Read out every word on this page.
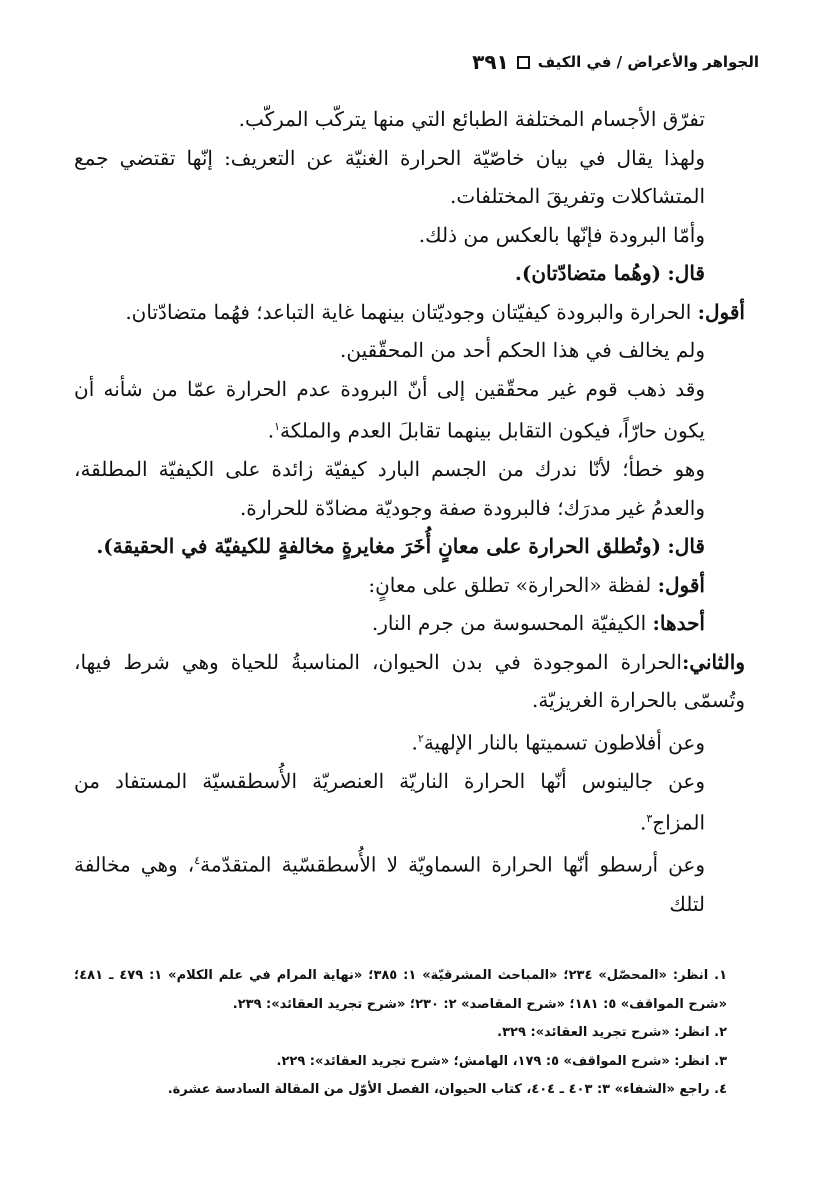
الجواهر والأعراض / في الكيف
٣٩١

تفرّق الأجسام المختلفة الطبائع التي منها يتركّب المركّب.

ولهذا يقال في بيان خاصّيّة الحرارة الغنيّة عن التعريف: إنّها تقتضي جمع المتشاكلات وتفريقَ المختلفات.

وأمّا البرودة فإنّها بالعكس من ذلك.

قال: (وهُما متضادّتان).

أقول: الحرارة والبرودة كيفيّتان وجوديّتان بينهما غاية التباعد؛ فهُما متضادّتان.

ولم يخالف في هذا الحكم أحد من المحقّقين.

وقد ذهب قوم غير محقّقين إلى أنّ البرودة عدم الحرارة عمّا من شأنه أن يكون حارّاً، فيكون التقابل بينهما تقابلَ العدم والملكة$^١$.

وهو خطأ؛ لأنّا ندرك من الجسم البارد كيفيّة زائدة على الكيفيّة المطلقة، والعدمُ غير مدرَك؛ فالبرودة صفة وجوديّة مضادّة للحرارة.

قال: (وتُطلق الحرارة على معانٍ أُخَرَ مغايرةٍ مخالفةٍ للكيفيّة في الحقيقة).

أقول: لفظة «الحرارة» تطلق على معانٍ:

أحدها: الكيفيّة المحسوسة من جرم النار.

والثاني:الحرارة الموجودة في بدن الحيوان، المناسبةُ للحياة وهي شرط فيها، وتُسمّى بالحرارة الغريزيّة.

وعن أفلاطون تسميتها بالنار الإلهية$^٢$.

وعن جالينوس أنّها الحرارة الناريّة العنصريّة الأُسطقسيّة المستفاد من المزاج$^٣$.

وعن أرسطو أنّها الحرارة السماويّة لا الأُسطقسّية المتقدّمة$^٤$، وهي مخالفة لتلك

١. انظر: «المحصّل» ٢٣٤؛ «المباحث المشرقيّة» ١: ٣٨٥؛ «نهاية المرام في علم الكلام» ١: ٤٧٩ ـ ٤٨١؛ «شرح المواقف» ٥: ١٨١؛ «شرح المقاصد» ٢: ٢٣٠؛ «شرح تجريد العقائد»: ٢٣٩.

٢. انظر: «شرح تجريد العقائد»: ٣٢٩.

٣. انظر: «شرح المواقف» ٥: ١٧٩، الهامش؛ «شرح تجريد العقائد»: ٢٢٩.

٤. راجع «الشفاء» ٣: ٤٠٣ ـ ٤٠٤، كتاب الحيوان، الفصل الأوّل من المقالة السادسة عشرة.
